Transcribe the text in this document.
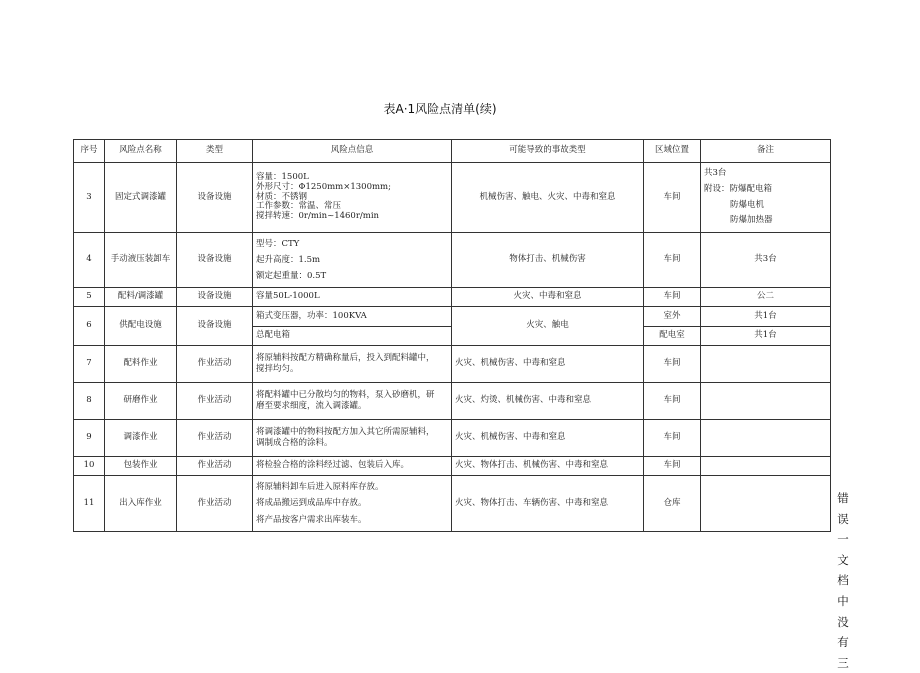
表A·1风险点清单(续)
序号	风险点名称	类型	风险点信息	可能导致的事故类型	区域位置	备注
3	固定式调漆罐	设备设施	容量：1500L
外形尺寸：Φ1250mm×1300mm;
材质：不锈钢
工作参数：常温、常压
搅拌转速：0r/min~1460r/min	机械伤害、触电、火灾、中毒和窒息	车间	共3台
附设：防爆配电箱
防爆电机
防爆加热器

4	手动液压装卸车	设备设施	型号：CTY
起升高度：1.5m
额定起重量：0.5T	物体打击、机械伤害	车间	共3台
5	配料/调漆罐	设备设施	容量50L-1000L	火灾、中毒和窒息	车间	公二
6	供配电设施	设备设施	箱式变压器，功率：100KVA	火灾、触电	室外	共1台
			总配电箱		配电室	共1台
7	配料作业	作业活动	将原辅料按配方精确称量后，投入到配料罐中，
搅拌均匀。	火灾、机械伤害、中毒和窒息	车间	
8	研磨作业	作业活动	将配料罐中已分散均匀的物料，泵入砂磨机，研
磨至要求细度，流入调漆罐。	火灾、灼烫、机械伤害、中毒和窒息	车间	
9	调漆作业	作业活动	将调漆罐中的物料按配方加入其它所需原辅料，
调制成合格的涂料。	火灾、机械伤害、中毒和窒息	车间	
10	包装作业	作业活动	将检验合格的涂料经过滤、包装后入库。	火灾、物体打击、机械伤害、中毒和窒息	车间	
11	出入库作业	作业活动	将原辅料卸车后进入原料库存放。
将成品搬运到成品库中存放。
将产品按客户需求出库装车。	火灾、物体打击、车辆伤害、中毒和窒息	仓库		错
误
一
文
档
中
没
有
三
